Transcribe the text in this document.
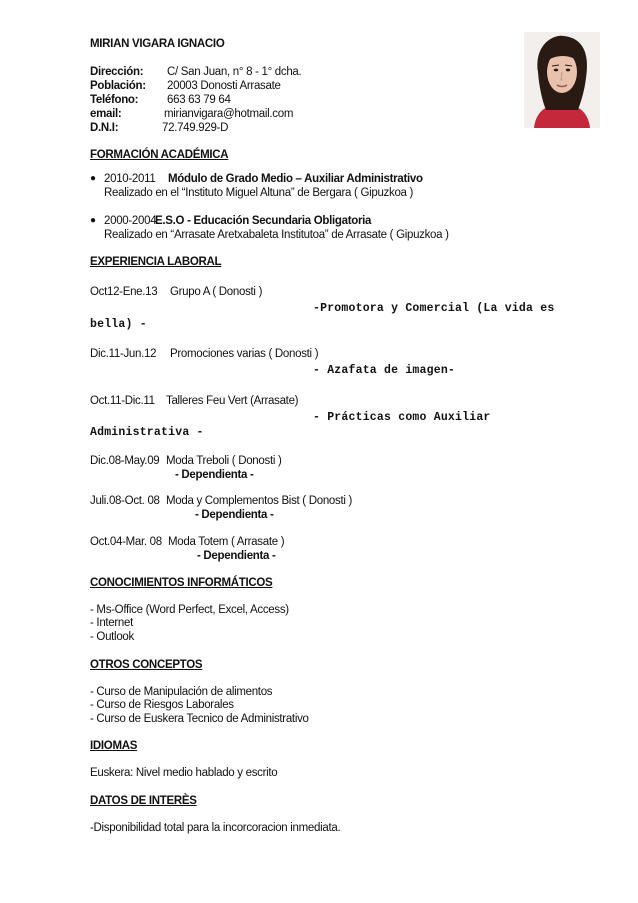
MIRIAN VIGARA IGNACIO
Dirección: C/ San Juan, n° 8 - 1° dcha.
Población: 20003 Donosti Arrasate
Teléfono:	663 63 79 64
email:	mirianvigara@hotmail.com
D.N.I:	72.749.929-D
FORMACIÓN ACADÉMICA
● 2010-2011 Módulo de Grado Medio – Auxiliar Administrativo
Realizado en el “Instituto Miguel Altuna” de Bergara ( Gipuzkoa )
● 2000-2004
E.S.O - Educación Secundaria Obligatoria
Realizado en “Arrasate Aretxabaleta Institutoa” de Arrasate ( Gipuzkoa )
EXPERIENCIA LABORAL
Oct12-Ene.13 Grupo A ( Donosti )
-Promotora y Comercial (La vida es
bella) -
Dic.11-Jun.12 Promociones varias ( Donosti )
- Azafata de imagen-
Oct.11-Dic.11 Talleres Feu Vert (Arrasate)
- Prácticas como Auxiliar
Administrativa -
Dic.08-May.09 Moda Treboli ( Donosti )
- Dependienta -
Juli.08-Oct. 08 Moda y Complementos Bist ( Donosti )
- Dependienta -
Oct.04-Mar. 08 Moda Totem ( Arrasate )
- Dependienta -
CONOCIMIENTOS INFORMÁTICOS
- Ms-Office (Word Perfect, Excel, Access)
- Internet
- Outlook
OTROS CONCEPTOS
- Curso de Manipulación de alimentos
- Curso de Riesgos Laborales
- Curso de Euskera Tecnico de Administrativo
IDIOMAS
Euskera: Nivel medio hablado y escrito
DATOS DE INTERÈS
-Disponibilidad total para la incorcoracion inmediata.
